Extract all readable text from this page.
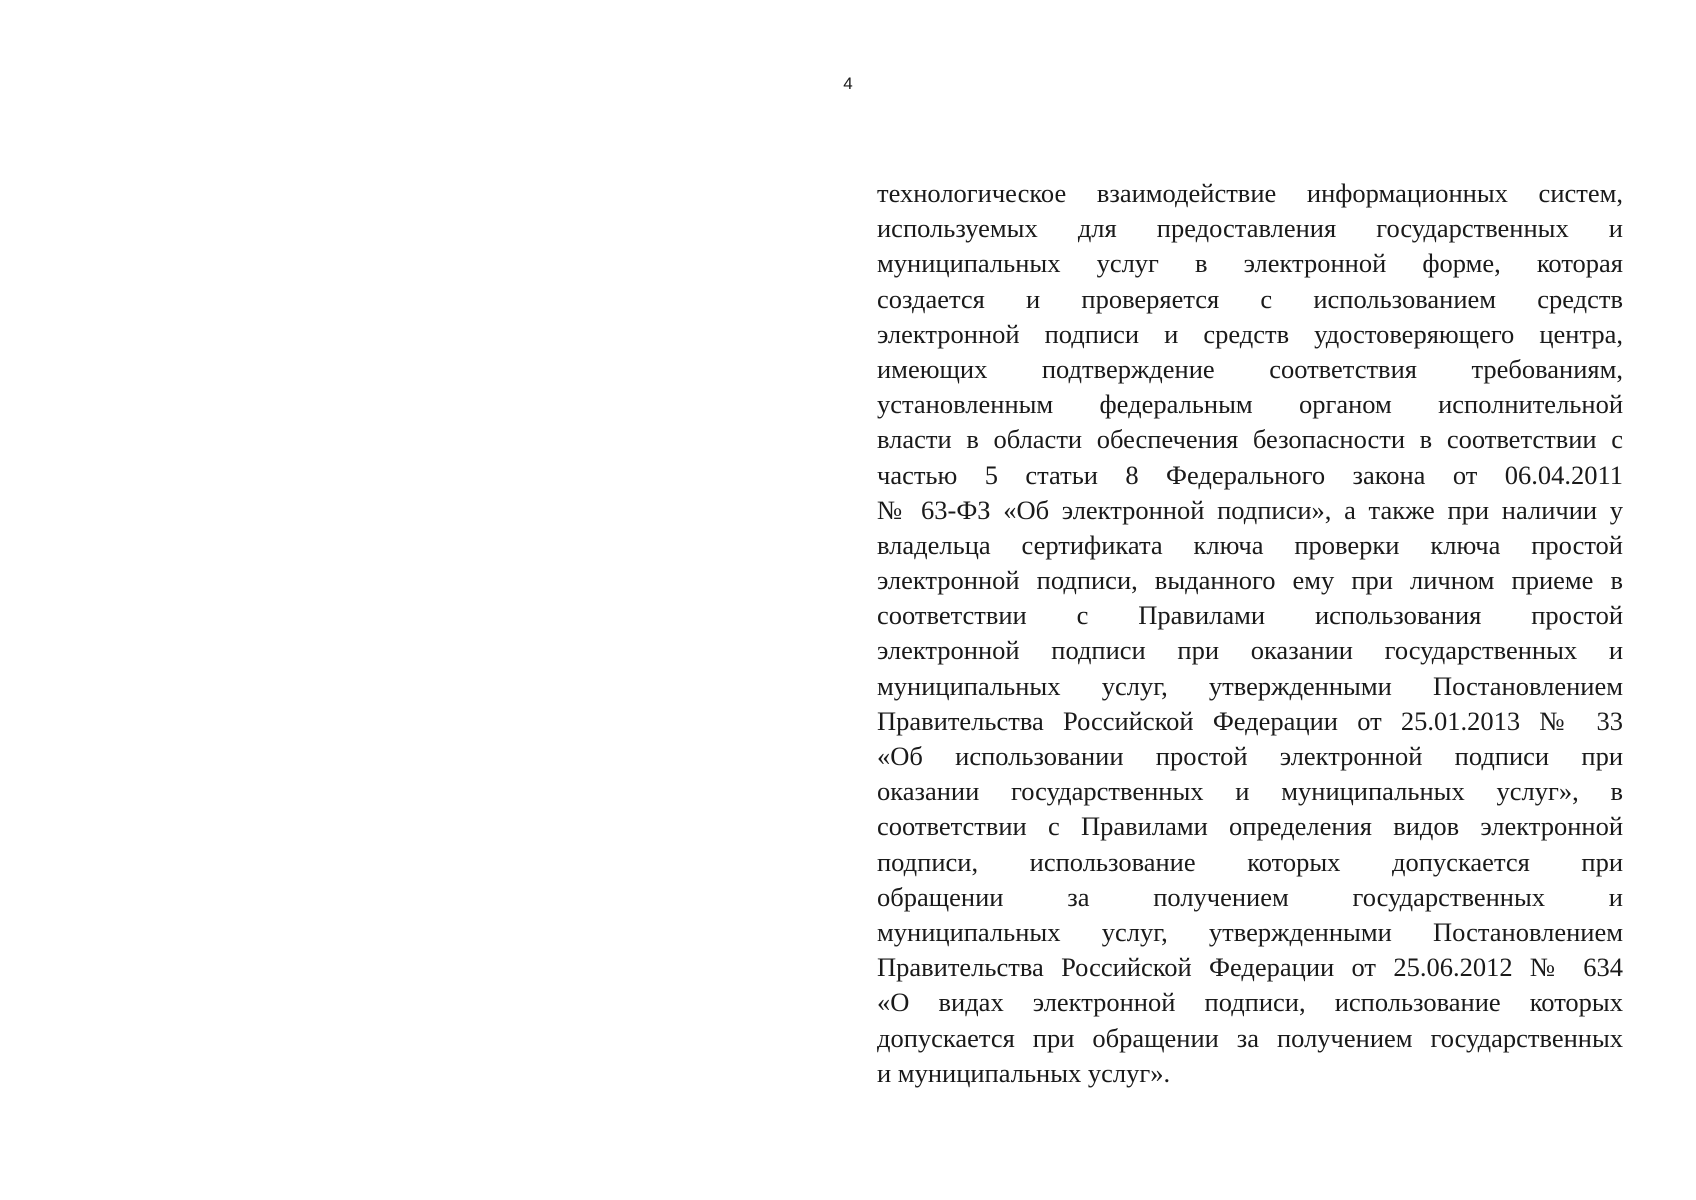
4
технологическое взаимодействие информационных систем,
используемых для предоставления государственных и
муниципальных услуг в электронной форме, которая
создается и проверяется с использованием средств
электронной подписи и средств удостоверяющего центра,
имеющих подтверждение соответствия требованиям,
установленным федеральным органом исполнительной
власти в области обеспечения безопасности в соответствии с
частью 5 статьи 8 Федерального закона от 06.04.2011
№ 63-ФЗ «Об электронной подписи», а также при наличии у
владельца сертификата ключа проверки ключа простой
электронной подписи, выданного ему при личном приеме в
соответствии с Правилами использования простой
электронной подписи при оказании государственных и
муниципальных услуг, утвержденными Постановлением
Правительства Российской Федерации от 25.01.2013 № 33
«Об использовании простой электронной подписи при
оказании государственных и муниципальных услуг», в
соответствии с Правилами определения видов электронной
подписи, использование которых допускается при
обращении за получением государственных и
муниципальных услуг, утвержденными Постановлением
Правительства Российской Федерации от 25.06.2012 № 634
«О видах электронной подписи, использование которых
допускается при обращении за получением государственных
и муниципальных услуг».
